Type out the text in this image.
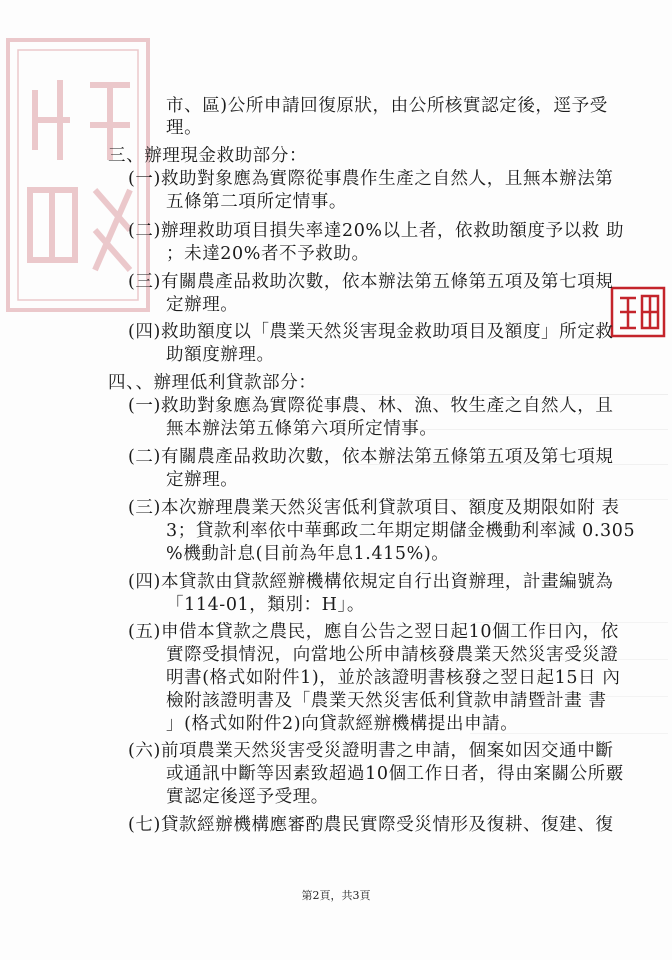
市、區)公所申請回復原狀，由公所核實認定後，逕予受
理。
三、辦理現金救助部分：
(一)救助對象應為實際從事農作生產之自然人，且無本辦法第
五條第二項所定情事。
(二)辦理救助項目損失率達20%以上者，依救助額度予以救 助
；未達20%者不予救助。
(三)有關農產品救助次數，依本辦法第五條第五項及第七項規
定辦理。
(四)救助額度以「農業天然災害現金救助項目及額度」所定救
助額度辦理。
四、、辦理低利貸款部分：
(一)救助對象應為實際從事農、林、漁、牧生產之自然人，且
無本辦法第五條第六項所定情事。
(二)有關農產品救助次數，依本辦法第五條第五項及第七項規
定辦理。
(三)本次辦理農業天然災害低利貸款項目、額度及期限如附 表
3；貸款利率依中華郵政二年期定期儲金機動利率減 0.305
%機動計息(目前為年息1.415%)。
(四)本貸款由貸款經辦機構依規定自行出資辦理，計畫編號為
「114-01，類別：H」。
(五)申借本貸款之農民，應自公告之翌日起10個工作日內，依
實際受損情況，向當地公所申請核發農業天然災害受災證
明書(格式如附件1)，並於該證明書核發之翌日起15日 內
檢附該證明書及「農業天然災害低利貸款申請暨計畫 書
」(格式如附件2)向貸款經辦機構提出申請。
(六)前項農業天然災害受災證明書之申請，個案如因交通中斷
或通訊中斷等因素致超過10個工作日者，得由案關公所覈
實認定後逕予受理。
(七)貸款經辦機構應審酌農民實際受災情形及復耕、復建、復
第2頁，共3頁
